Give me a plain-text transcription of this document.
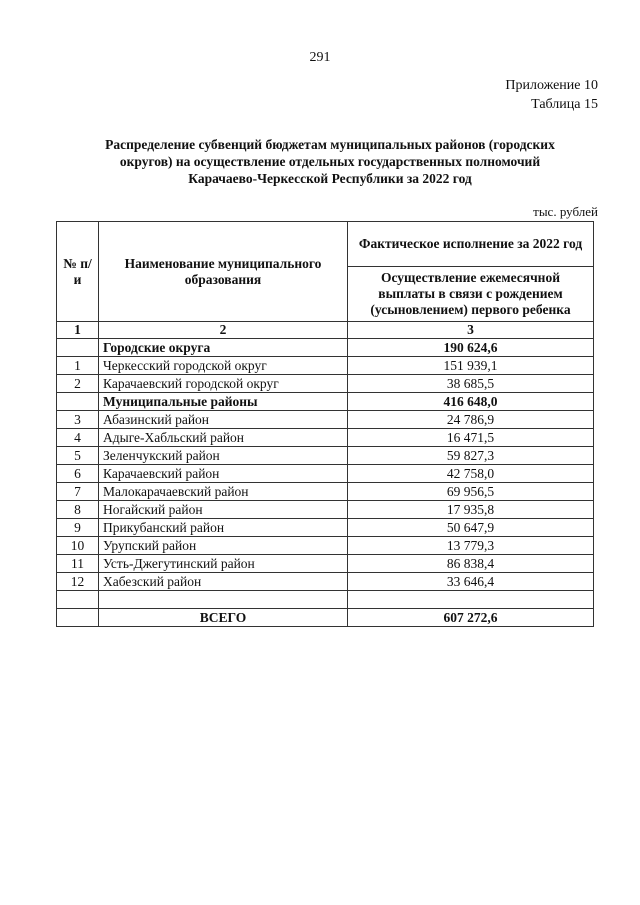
291
Приложение 10
Таблица 15
Распределение субвенций бюджетам муниципальных районов (городских
округов) на осуществление отдельных государственных полномочий
Карачаево-Черкесской Республики за 2022 год
тыс. рублей
№ п/и	Наименование муниципального образования	Фактическое исполнение за 2022 год
		Осуществление ежемесячной выплаты в связи с рождением (усыновлением) первого ребенка
1	2	3
	Городские округа	190 624,6
1	Черкесский городской округ	151 939,1
2	Карачаевский городской округ	38 685,5
	Муниципальные районы	416 648,0
3	Абазинский район	24 786,9
4	Адыге-Хабльский район	16 471,5
5	Зеленчукский район	59 827,3
6	Карачаевский район	42 758,0
7	Малокарачаевский район	69 956,5
8	Ногайский район	17 935,8
9	Прикубанский район	50 647,9
10	Урупский район	13 779,3
11	Усть-Джегутинский район	86 838,4
12	Хабезский район	33 646,4

	ВСЕГО	607 272,6
